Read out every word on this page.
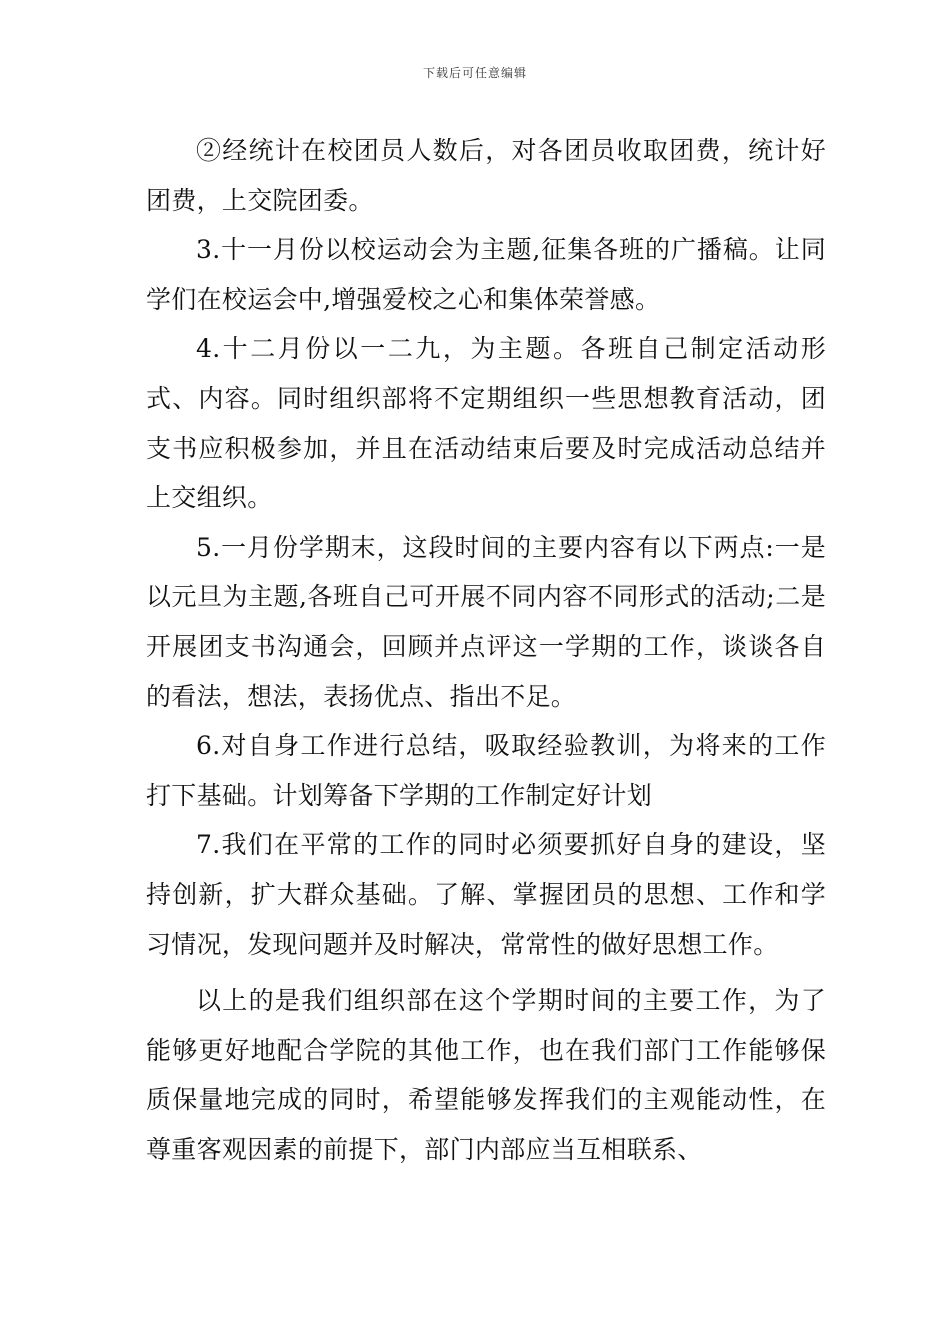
下载后可任意编辑

②经统计在校团员人数后，对各团员收取团费，统计好团费，上交院团委。

3.十一月份以校运动会为主题,征集各班的广播稿。让同学们在校运会中,增强爱校之心和集体荣誉感。

4.十二月份以一二九，为主题。各班自己制定活动形式、内容。同时组织部将不定期组织一些思想教育活动，团支书应积极参加，并且在活动结束后要及时完成活动总结并上交组织。

5.一月份学期末，这段时间的主要内容有以下两点:一是以元旦为主题,各班自己可开展不同内容不同形式的活动;二是开展团支书沟通会，回顾并点评这一学期的工作，谈谈各自的看法，想法，表扬优点、指出不足。

6.对自身工作进行总结，吸取经验教训，为将来的工作打下基础。计划筹备下学期的工作制定好计划

7.我们在平常的工作的同时必须要抓好自身的建设，坚持创新，扩大群众基础。了解、掌握团员的思想、工作和学习情况，发现问题并及时解决，常常性的做好思想工作。

以上的是我们组织部在这个学期时间的主要工作，为了能够更好地配合学院的其他工作，也在我们部门工作能够保质保量地完成的同时，希望能够发挥我们的主观能动性，在尊重客观因素的前提下，部门内部应当互相联系、
